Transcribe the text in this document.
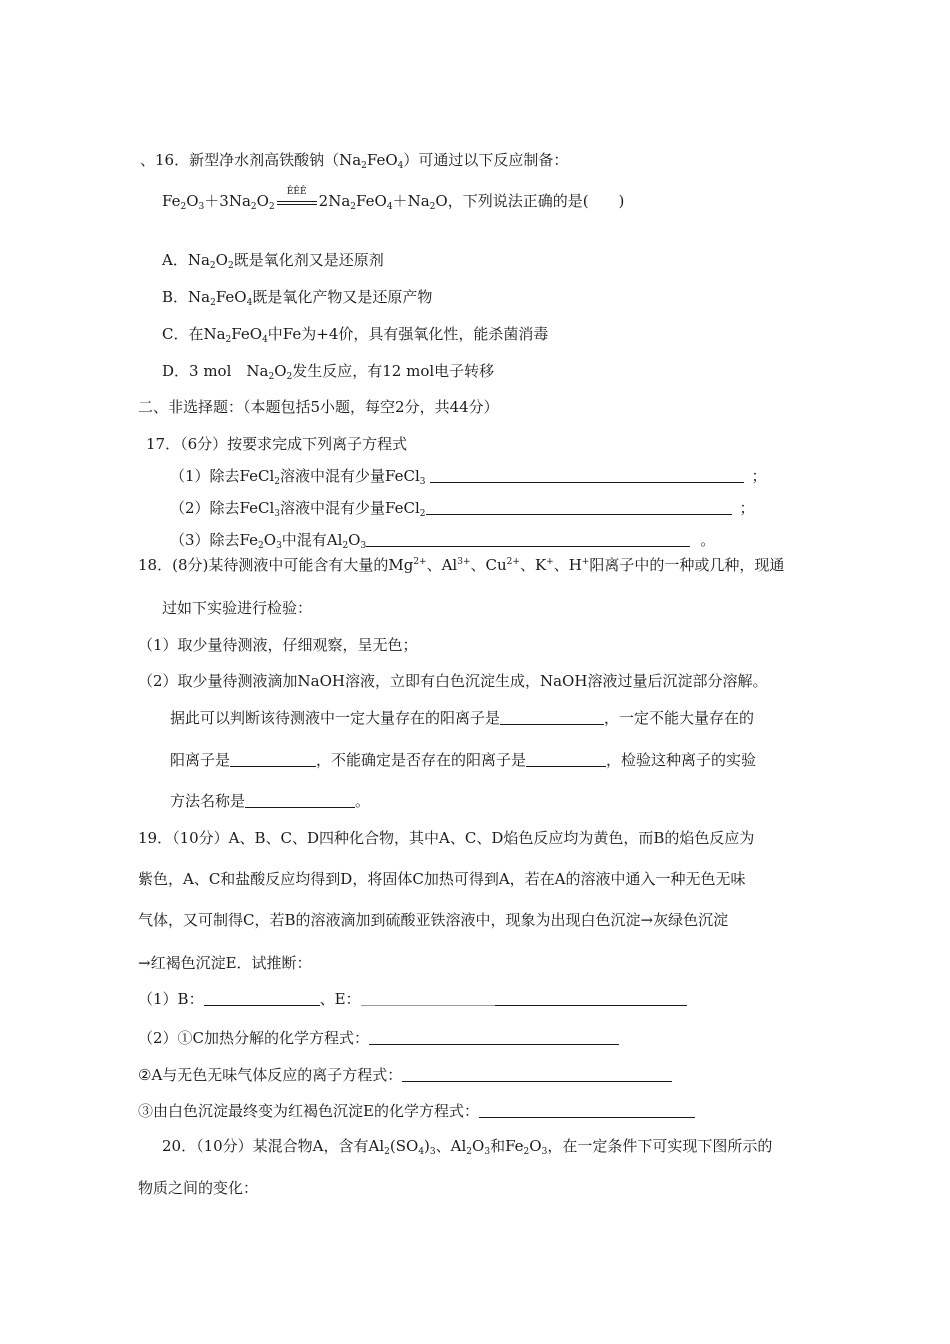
、16．新型净水剂高铁酸钠$(Na_2FeO_4)$可通过以下反应制备：
$Fe_2O_3+3Na_2O_2$
ÊÊÊ $2Na_2FeO_4+Na_2O$，下列说法正确的是(　　)
A．$Na_2O_2$既是氧化剂又是还原剂
B．$Na_2FeO_4$既是氧化产物又是还原产物
C．在$Na_2FeO_4$中Fe为+4价，具有强氧化性，能杀菌消毒
D．3 mol　$Na_2O_2$发生反应，有12 mol电子转移
二、非选择题：（本题包括5小题，每空2分，共44分）
17．（6分）按要求完成下列离子方程式
（1）除去FeCl$_2$溶液中混有少量FeCl$_3$	；
（2）除去FeCl$_3$溶液中混有少量FeCl$_2$	；
（3）除去$Fe_2O_3$中混有$Al_2O_3$	。
18．(8分)某待测液中可能含有大量的$Mg^{2+}$、$Al^{3+}$、$Cu^{2+}$、K+、H+阳离子中的一种或几种，现通
过如下实验进行检验：
（1）取少量待测液，仔细观察，呈无色；
（2）取少量待测液滴加NaOH溶液，立即有白色沉淀生成，NaOH溶液过量后沉淀部分溶解。
据此可以判断该待测液中一定大量存在的阳离子是	，一定不能大量存在的
阳离子是	，不能确定是否存在的阳离子是	，检验这种离子的实验
方法名称是	。
19．（10分）A、B、C、D四种化合物，其中A、C、D焰色反应均为黄色，而B的焰色反应为
紫色，A、C和盐酸反应均得到D，将固体C加热可得到A，若在A的溶液中通入一种无色无味
气体，又可制得C，若B的溶液滴加到硫酸亚铁溶液中，现象为出现白色沉淀→灰绿色沉淀
→红褐色沉淀E．试推断：
（1）B：	、E：
（2）①C加热分解的化学方程式：
②A与无色无味气体反应的离子方程式：
③由白色沉淀最终变为红褐色沉淀E的化学方程式：
20．（10分）某混合物A，含有$Al_2(SO_4)_3$、$Al_2O_3$和$Fe_2O_3$，在一定条件下可实现下图所示的
物质之间的变化：
